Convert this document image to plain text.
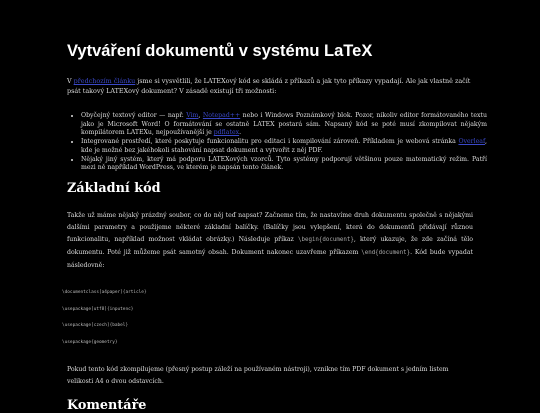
Vytváření dokumentů v systému LaTeX

V předchozím článku jsme si vysvětlili, že LATEXový kód se skládá z příkazů a jak tyto příkazy vypadají. Ale jak vlastně začít psát takový LATEXový dokument? V zásadě existují tři možnosti:

• Obyčejný textový editor — např. Vim, Notepad++ nebo i Windows Poznámkový blok. Pozor, nikoliv editor formátovaného textu jako je Microsoft Word! O formátování se ostatně LATEX postará sám. Napsaný kód se poté musí zkompilovat nějakým kompilátorem LATEXu, nejpoužívanější je pdflatex.
• Integrované prostředí, které poskytuje funkcionalitu pro editaci i kompilování zároveň. Příkladem je webová stránka Overleaf, kde je možné bez jakéhokoli stahování napsat dokument a vytvořit z něj PDF.
• Nějaký jiný systém, který má podporu LATEXových vzorců. Tyto systémy podporují většinou pouze matematický režim. Patří mezi ně například WordPress, ve kterém je napsán tento článek.
Základní kód

Takže už máme nějaký prázdný soubor, co do něj teď napsat? Začneme tím, že nastavíme druh dokumentu společně s nějakými dalšími parametry a použijeme některé základní balíčky. (Balíčky jsou vylepšení, která do dokumentů přidávají různou funkcionalitu, například možnost vkládat obrázky.) Následuje příkaz \begin{document}, který ukazuje, že zde začíná tělo dokumentu. Poté již můžeme psát samotný obsah. Dokument nakonec uzavřeme příkazem \end{document}. Kód bude vypadat následovně:

\documentclass[a4paper]{article}

\usepackage[utf8]{inputenc}

\usepackage[czech]{babel}

\usepackage{geometry}

Pokud tento kód zkompilujeme (přesný postup záleží na používaném nástroji), vznikne tím PDF dokument s jedním listem velikosti A4 o dvou odstavcích.

Komentáře
